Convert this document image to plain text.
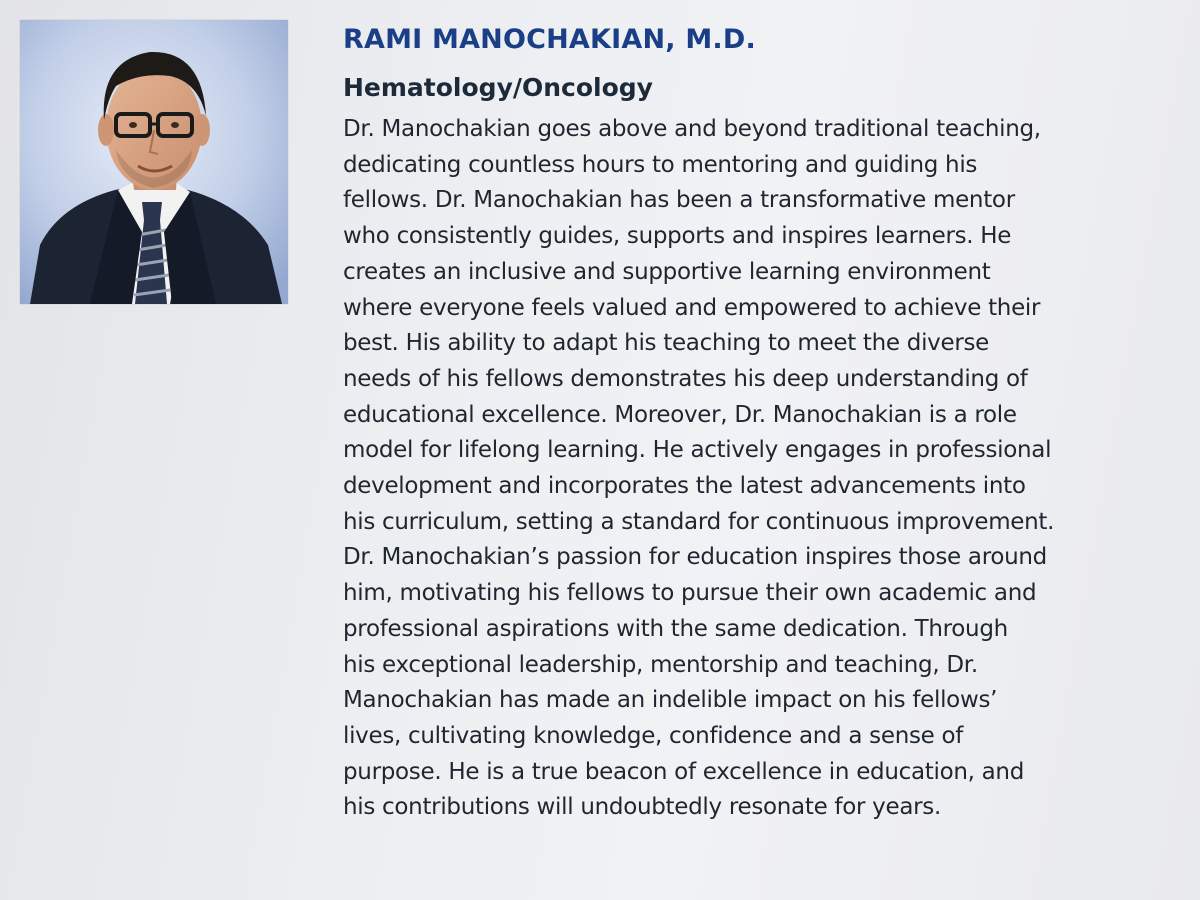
RAMI MANOCHAKIAN, M.D.
Hematology/Oncology
Dr. Manochakian goes above and beyond traditional teaching,
dedicating countless hours to mentoring and guiding his
fellows. Dr. Manochakian has been a transformative mentor
who consistently guides, supports and inspires learners. He
creates an inclusive and supportive learning environment
where everyone feels valued and empowered to achieve their
best. His ability to adapt his teaching to meet the diverse
needs of his fellows demonstrates his deep understanding of
educational excellence. Moreover, Dr. Manochakian is a role
model for lifelong learning. He actively engages in professional
development and incorporates the latest advancements into
his curriculum, setting a standard for continuous improvement.
Dr. Manochakian’s passion for education inspires those around
him, motivating his fellows to pursue their own academic and
professional aspirations with the same dedication. Through
his exceptional leadership, mentorship and teaching, Dr.
Manochakian has made an indelible impact on his fellows’
lives, cultivating knowledge, confidence and a sense of
purpose. He is a true beacon of excellence in education, and
his contributions will undoubtedly resonate for years.
